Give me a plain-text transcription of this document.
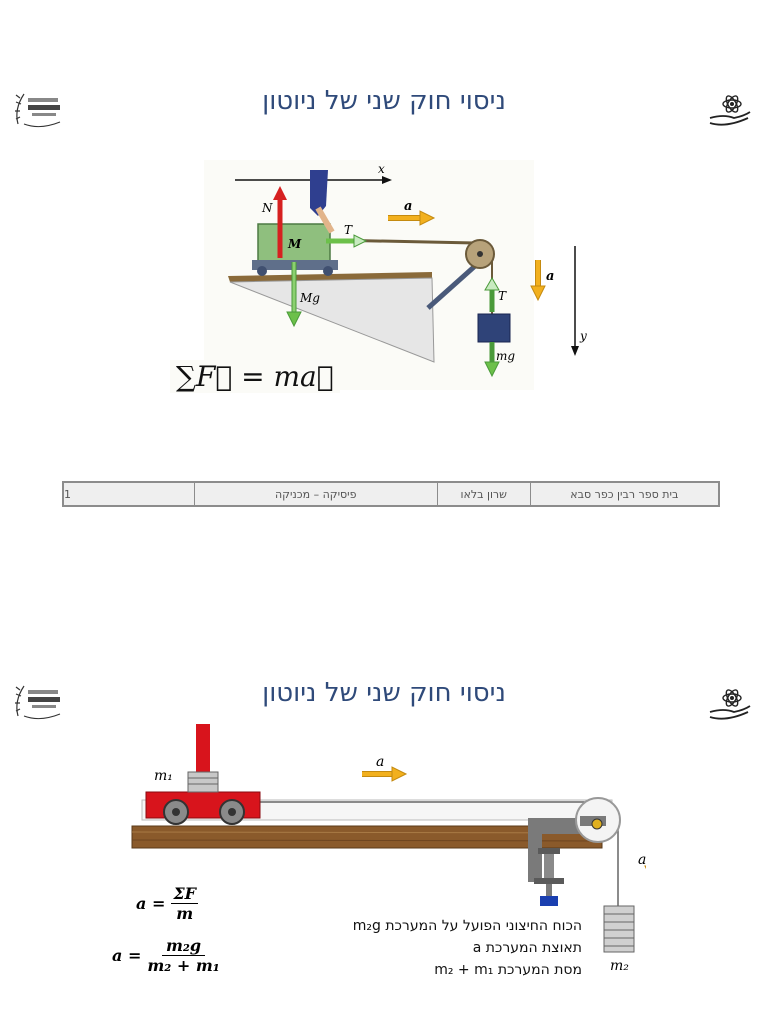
ניסוי חוק שני של ניוטון
x
y
N
M
Mg
T
a
a
T
mg
∑F⃗ = ma⃗
בית ספר רבין כפר סבא
שרון בלאו
פיסיקה – מכניקה
1
ניסוי חוק שני של ניוטון
m₁
m₂
a
a
$a = \frac{\Sigma F}{m}$
$a = \frac{\text{m₂g}}{\text{m₂ + m₁}}$
הכוח החיצוני הפועל על המערכת m₂g
תאוצת המערכת a
מסת המערכת m₂ + m₁
